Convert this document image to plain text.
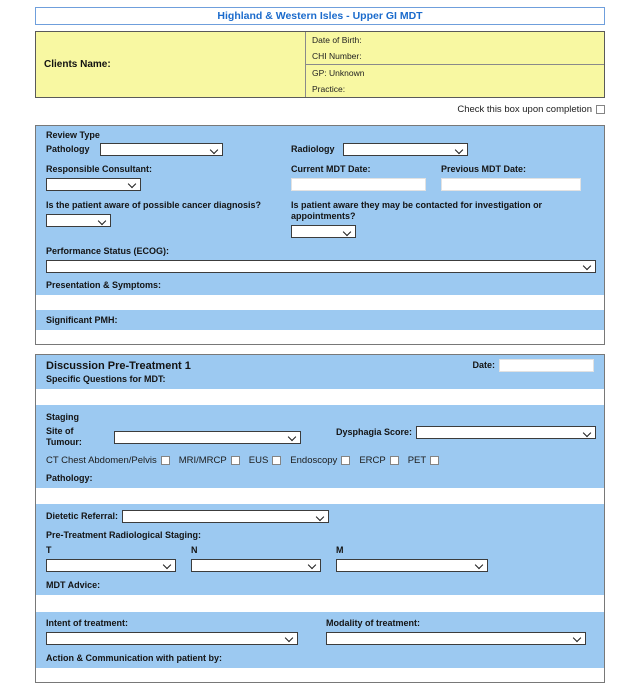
Highland & Western Isles - Upper GI MDT
Clients Name:
Date of Birth:
CHI Number:
GP: Unknown
Practice:
Check this box upon completion
Review Type
Pathology	Radiology
Responsible Consultant:	Current MDT Date:	Previous MDT Date:
Is the patient aware of possible cancer diagnosis?	Is patient aware they may be contacted for investigation or appointments?
Performance Status (ECOG):
Presentation & Symptoms:
Significant PMH:
Discussion Pre-Treatment 1	Date:
Specific Questions for MDT:
Staging
Site of Tumour:
Dysphagia Score:
CT Chest Abdomen/Pelvis MRI/MRCP EUS Endoscopy ERCP PET
Pathology:
Dietetic Referral:
Pre-Treatment Radiological Staging:
T	N	M
MDT Advice:
Intent of treatment:	Modality of treatment:
Action & Communication with patient by:
